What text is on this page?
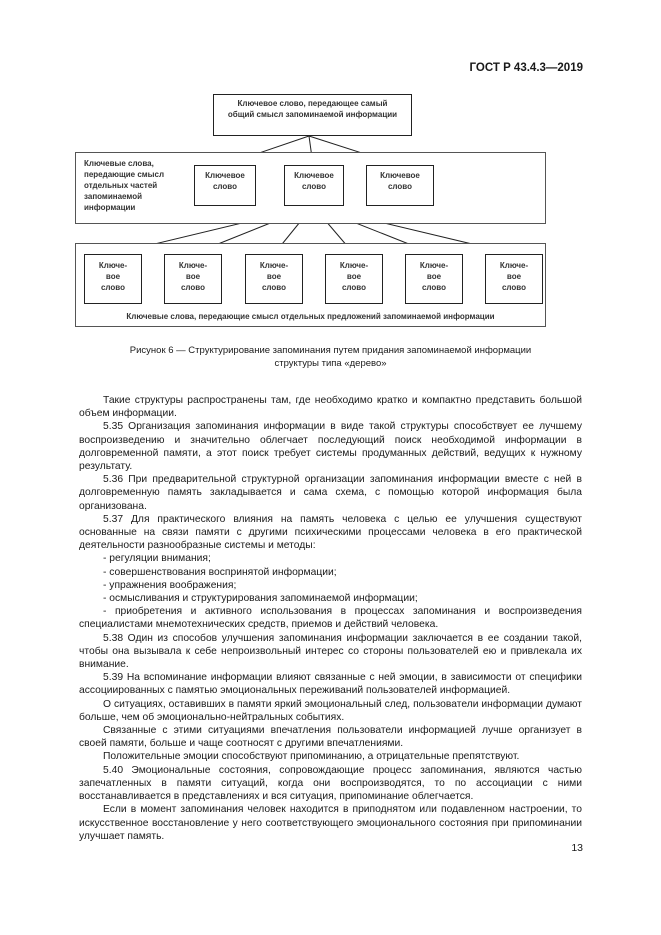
ГОСТ Р 43.4.3—2019
Ключевое слово, передающее самый общий смысл запоминаемой информации
Ключевые слова, передающие смысл отдельных частей запоминаемой информации
Ключевое слово
Ключевое слово
Ключевое слово
Ключе-вое слово
Ключе-вое слово
Ключе-вое слово
Ключе-вое слово
Ключе-вое слово
Ключе-вое слово
Ключевые слова, передающие смысл отдельных предложений запоминаемой информации
Рисунок 6 — Структурирование запоминания путем придания запоминаемой информации
структуры типа «дерево»

Такие структуры распространены там, где необходимо кратко и компактно представить большой объем информации.

5.35 Организация запоминания информации в виде такой структуры способствует ее лучшему воспроизведению и значительно облегчает последующий поиск необходимой информации в долговременной памяти, а этот поиск требует системы продуманных действий, ведущих к нужному результату.

5.36 При предварительной структурной организации запоминания информации вместе с ней в долговременную память закладывается и сама схема, с помощью которой информация была организована.

5.37 Для практического влияния на память человека с целью ее улучшения существуют основанные на связи памяти с другими психическими процессами человека в его практической деятельности разнообразные системы и методы:

- регуляции внимания;

- совершенствования воспринятой информации;

- упражнения воображения;

- осмысливания и структурирования запоминаемой информации;

- приобретения и активного использования в процессах запоминания и воспроизведения специалистами мнемотехнических средств, приемов и действий человека.

5.38 Один из способов улучшения запоминания информации заключается в ее создании такой, чтобы она вызывала к себе непроизвольный интерес со стороны пользователей ею и привлекала их внимание.

5.39 На вспоминание информации влияют связанные с ней эмоции, в зависимости от специфики ассоциированных с памятью эмоциональных переживаний пользователей информацией.

О ситуациях, оставивших в памяти яркий эмоциональный след, пользователи информации думают больше, чем об эмоционально-нейтральных событиях.

Связанные с этими ситуациями впечатления пользователи информацией лучше организует в своей памяти, больше и чаще соотносят с другими впечатлениями.

Положительные эмоции способствуют припоминанию, а отрицательные препятствуют.

5.40 Эмоциональные состояния, сопровождающие процесс запоминания, являются частью запечатленных в памяти ситуаций, когда они воспроизводятся, то по ассоциации с ними восстанавливается в представлениях и вся ситуация, припоминание облегчается.

Если в момент запоминания человек находится в приподнятом или подавленном настроении, то искусственное восстановление у него соответствующего эмоционального состояния при припоминании улучшает память.

13
